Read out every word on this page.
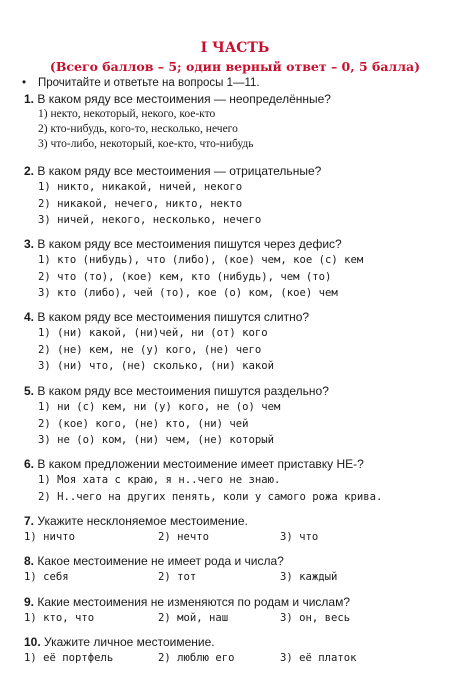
I ЧАСТЬ
(Всего баллов – 5; один верный ответ – 0, 5 балла)
• Прочитайте и ответьте на вопросы 1—11.
1. В каком ряду все местоимения — неопределённые?
1) некто, некоторый, некого, кое-кто
2) кто-нибудь, кого-то, несколько, нечего
3) что-либо, некоторый, кое-кто, что-нибудь
2. В каком ряду все местоимения — отрицательные?
1) никто, никакой, ничей, некого
2) никакой, нечего, никто, некто
3) ничей, некого, несколько, нечего
3. В каком ряду все местоимения пишутся через дефис?
1) кто (нибудь), что (либо), (кое) чем, кое (с) кем
2) что (то), (кое) кем, кто (нибудь), чем (то)
3) кто (либо), чей (то), кое (о) ком, (кое) чем
4. В каком ряду все местоимения пишутся слитно?
1) (ни) какой, (ни)чей, ни (от) кого
2) (не) кем, не (у) кого, (не) чего
3) (ни) что, (не) сколько, (ни) какой
5. В каком ряду все местоимения пишутся раздельно?
1) ни (с) кем, ни (у) кого, не (о) чем
2) (кое) кого, (не) кто, (ни) чей
3) не (о) ком, (ни) чем, (не) который
6. В каком предложении местоимение имеет приставку НЕ-?
1) Моя хата с краю, я н..чего не знаю.
2) Н..чего на других пенять, коли у самого рожа крива.
7. Укажите несклоняемое местоимение.
1) ничто	2) нечто	3) что
8. Какое местоимение не имеет рода и числа?
1) себя	2) тот	3) каждый
9. Какие местоимения не изменяются по родам и числам?
1) кто, что	2) мой, наш	3) он, весь
10. Укажите личное местоимение.
1) её портфель	2) люблю его	3) её платок
